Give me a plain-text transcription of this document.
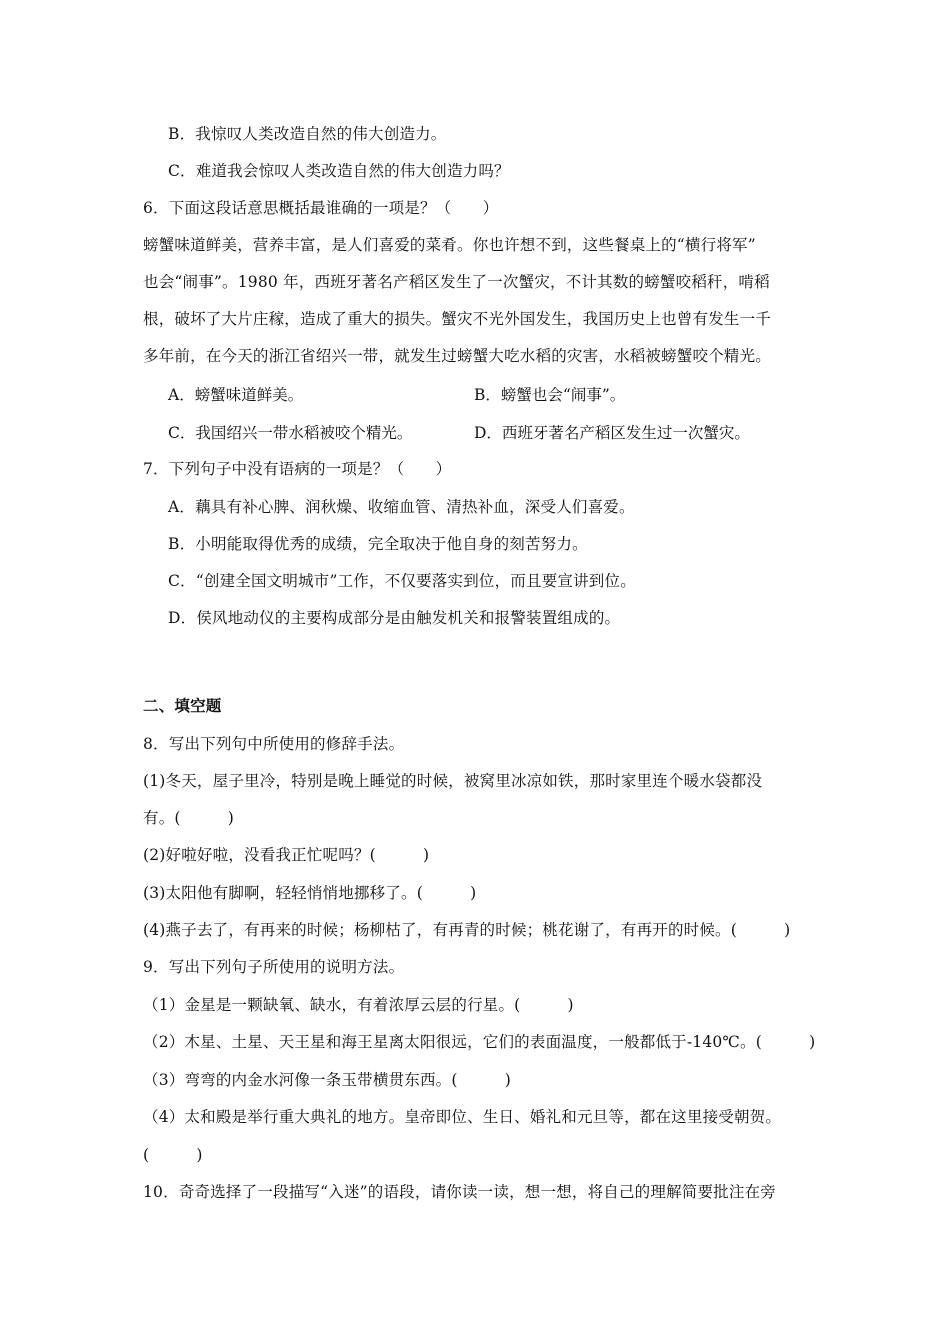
B．我惊叹人类改造自然的伟大创造力。
C．难道我会惊叹人类改造自然的伟大创造力吗？
6．下面这段话意思概括最谁确的一项是？（　　）
螃蟹味道鲜美，营养丰富，是人们喜爱的菜肴。你也许想不到，这些餐桌上的“横行将军”
也会“闹事”。1980 年，西班牙著名产稻区发生了一次蟹灾，不计其数的螃蟹咬稻秆，啃稻
根，破坏了大片庄稼，造成了重大的损失。蟹灾不光外国发生，我国历史上也曾有发生一千
多年前，在今天的浙江省绍兴一带，就发生过螃蟹大吃水稻的灾害，水稻被螃蟹咬个精光。
A．螃蟹味道鲜美。	B．螃蟹也会“闹事”。
C．我国绍兴一带水稻被咬个精光。	D．西班牙著名产稻区发生过一次蟹灾。
7．下列句子中没有语病的一项是？（　　）
A．藕具有补心脾、润秋燥、收缩血管、清热补血，深受人们喜爱。
B．小明能取得优秀的成绩，完全取决于他自身的刻苦努力。
C．“创建全国文明城市”工作，不仅要落实到位，而且要宣讲到位。
D．侯风地动仪的主要构成部分是由触发机关和报警装置组成的。
二、填空题
8．写出下列句中所使用的修辞手法。
(1)冬天，屋子里冷，特别是晚上睡觉的时候，被窝里冰凉如铁，那时家里连个暖水袋都没
有。(　　　)
(2)好啦好啦，没看我正忙呢吗？(　　　)
(3)太阳他有脚啊，轻轻悄悄地挪移了。(　　　)
(4)燕子去了，有再来的时候；杨柳枯了，有再青的时候；桃花谢了，有再开的时候。(　　　)
9．写出下列句子所使用的说明方法。
（1）金星是一颗缺氧、缺水，有着浓厚云层的行星。(　　　)
（2）木星、土星、天王星和海王星离太阳很远，它们的表面温度，一般都低于-140℃。(　　　)
（3）弯弯的内金水河像一条玉带横贯东西。(　　　)
（4）太和殿是举行重大典礼的地方。皇帝即位、生日、婚礼和元旦等，都在这里接受朝贺。
(　　　)
10．奇奇选择了一段描写“入迷”的语段，请你读一读，想一想，将自己的理解简要批注在旁
